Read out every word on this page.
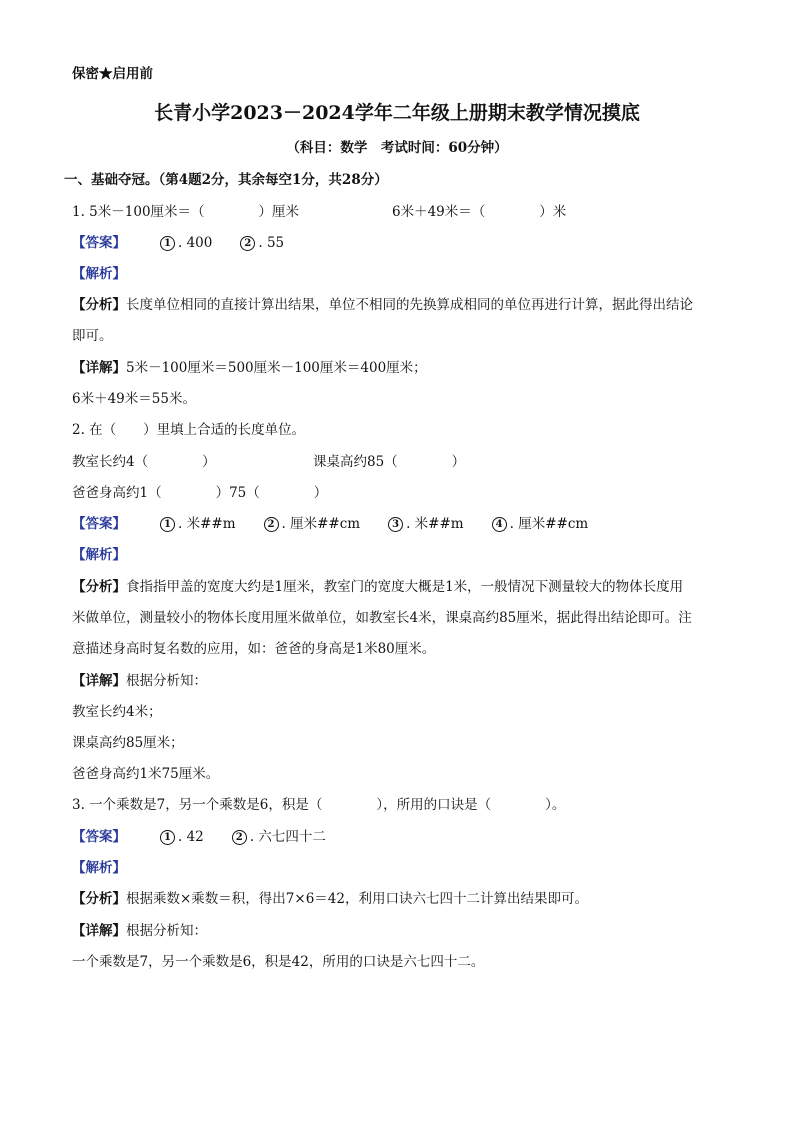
保密★启用前
长青小学2023－2024学年二年级上册期末教学情况摸底
（科目：数学　考试时间：60分钟）
一、基础夺冠。（第4题2分，其余每空1分，共28分）
1. 5米－100厘米＝（　　　　）厘米	6米＋49米＝（　　　　）米
【答案】	1 . 400	2 . 55
【解析】
【分析】长度单位相同的直接计算出结果，单位不相同的先换算成相同的单位再进行计算，据此得出结论
即可。
【详解】5米－100厘米＝500厘米－100厘米＝400厘米；
6米＋49米＝55米。
2. 在（　　）里填上合适的长度单位。
教室长约4（　　　　）	课桌高约85（　　　　）
爸爸身高约1（　　　　）75（　　　　）
【答案】	1 . 米##m	2 . 厘米##cm	3 . 米##m	4 . 厘米##cm
【解析】
【分析】食指指甲盖的宽度大约是1厘米，教室门的宽度大概是1米，一般情况下测量较大的物体长度用
米做单位，测量较小的物体长度用厘米做单位，如教室长4米，课桌高约85厘米，据此得出结论即可。注
意描述身高时复名数的应用，如：爸爸的身高是1米80厘米。
【详解】根据分析知：
教室长约4米；
课桌高约85厘米；
爸爸身高约1米75厘米。
3. 一个乘数是7，另一个乘数是6，积是（　　　　），所用的口诀是（　　　　）。
【答案】	1 . 42	2 . 六七四十二
【解析】
【分析】根据乘数×乘数＝积，得出7×6＝42，利用口诀六七四十二计算出结果即可。
【详解】根据分析知：
一个乘数是7，另一个乘数是6，积是42，所用的口诀是六七四十二。
